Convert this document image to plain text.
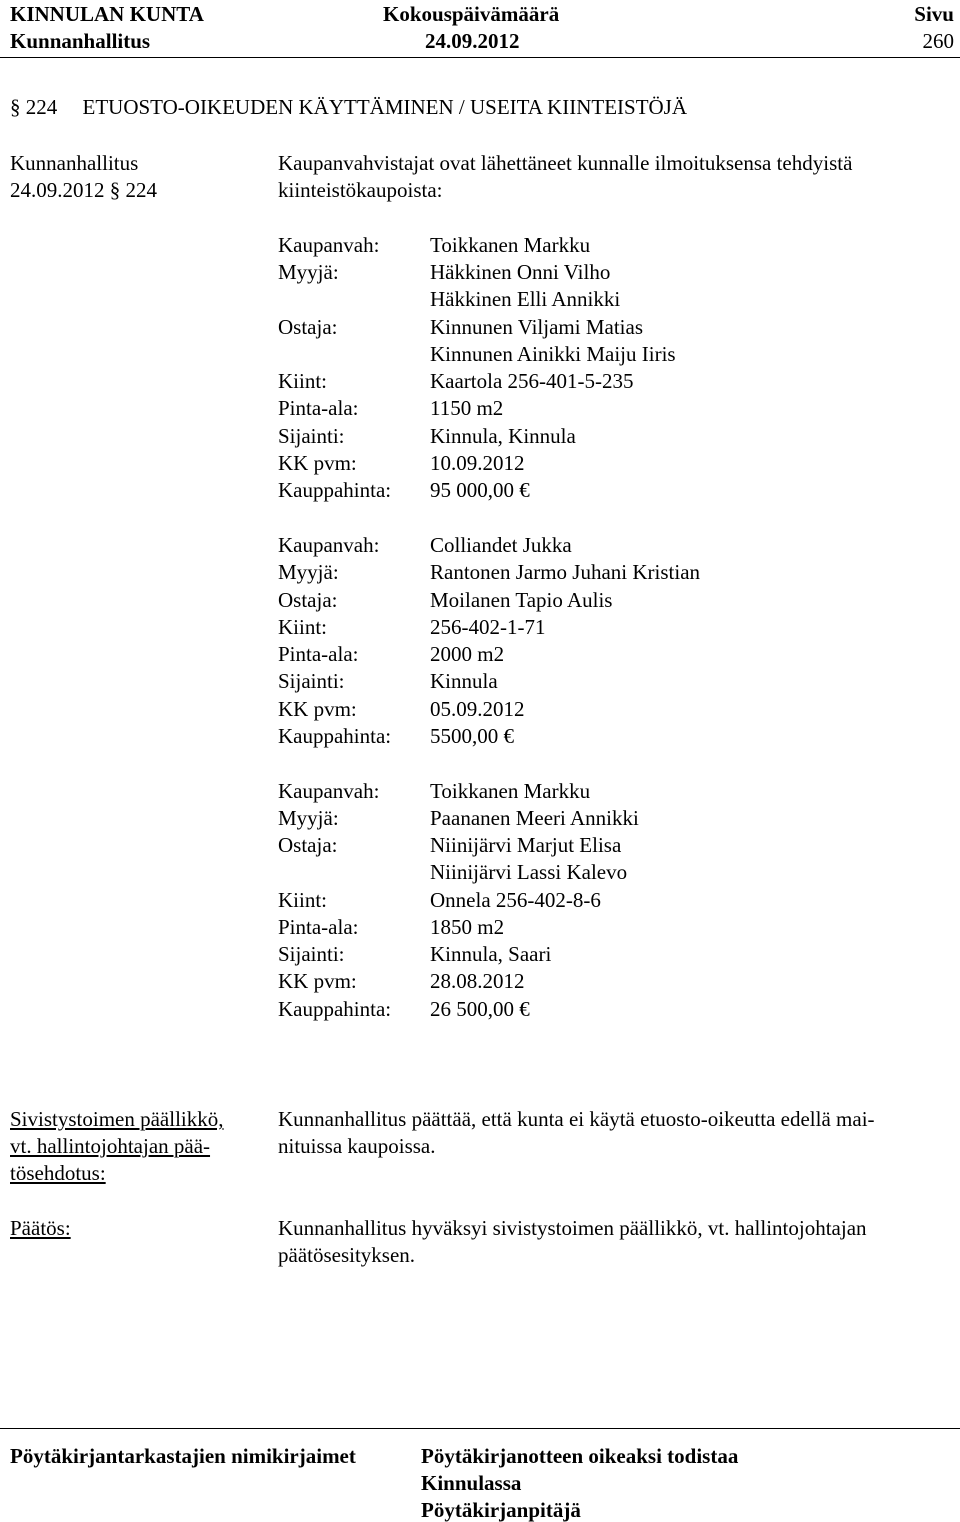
KINNULAN KUNTA
Kunnanhallitus
Kokouspäivämäärä
24.09.2012
Sivu
260
§ 224 ETUOSTO-OIKEUDEN KÄYTTÄMINEN / USEITA KIINTEISTÖJÄ
Kunnanhallitus
24.09.2012 § 224
Kaupanvahvistajat ovat lähettäneet kunnalle ilmoituksensa tehdyistä
kiinteistökaupoista:
Kaupanvah: Toikkanen Markku
Myyjä:	Häkkinen Onni Vilho
Häkkinen Elli Annikki
Ostaja:	Kinnunen Viljami Matias
Kinnunen Ainikki Maiju Iiris
Kiint:	Kaartola 256-401-5-235
Pinta-ala:	1150 m2
Sijainti:	Kinnula, Kinnula
KK pvm:	10.09.2012
Kauppahinta: 95 000,00 €
Kaupanvah: Colliandet Jukka
Myyjä:	Rantonen Jarmo Juhani Kristian
Ostaja:	Moilanen Tapio Aulis
Kiint:	256-402-1-71
Pinta-ala:	2000 m2
Sijainti:	Kinnula
KK pvm:	05.09.2012
Kauppahinta: 5500,00 €
Kaupanvah: Toikkanen Markku
Myyjä:	Paananen Meeri Annikki
Ostaja:	Niinijärvi Marjut Elisa
Niinijärvi Lassi Kalevo
Kiint:	Onnela 256-402-8-6
Pinta-ala:	1850 m2
Sijainti:	Kinnula, Saari
KK pvm:	28.08.2012
Kauppahinta: 26 500,00 €
Sivistystoimen päällikkö,
vt. hallintojohtajan pää-
tösehdotus:
Kunnanhallitus päättää, että kunta ei käytä etuosto-oikeutta edellä mai-
nituissa kaupoissa.
Päätös:	Kunnanhallitus hyväksyi sivistystoimen päällikkö, vt. hallintojohtajan
päätösesityksen.
Pöytäkirjantarkastajien nimikirjaimet	Pöytäkirjanotteen oikeaksi todistaa
Kinnulassa
Pöytäkirjanpitäjä
